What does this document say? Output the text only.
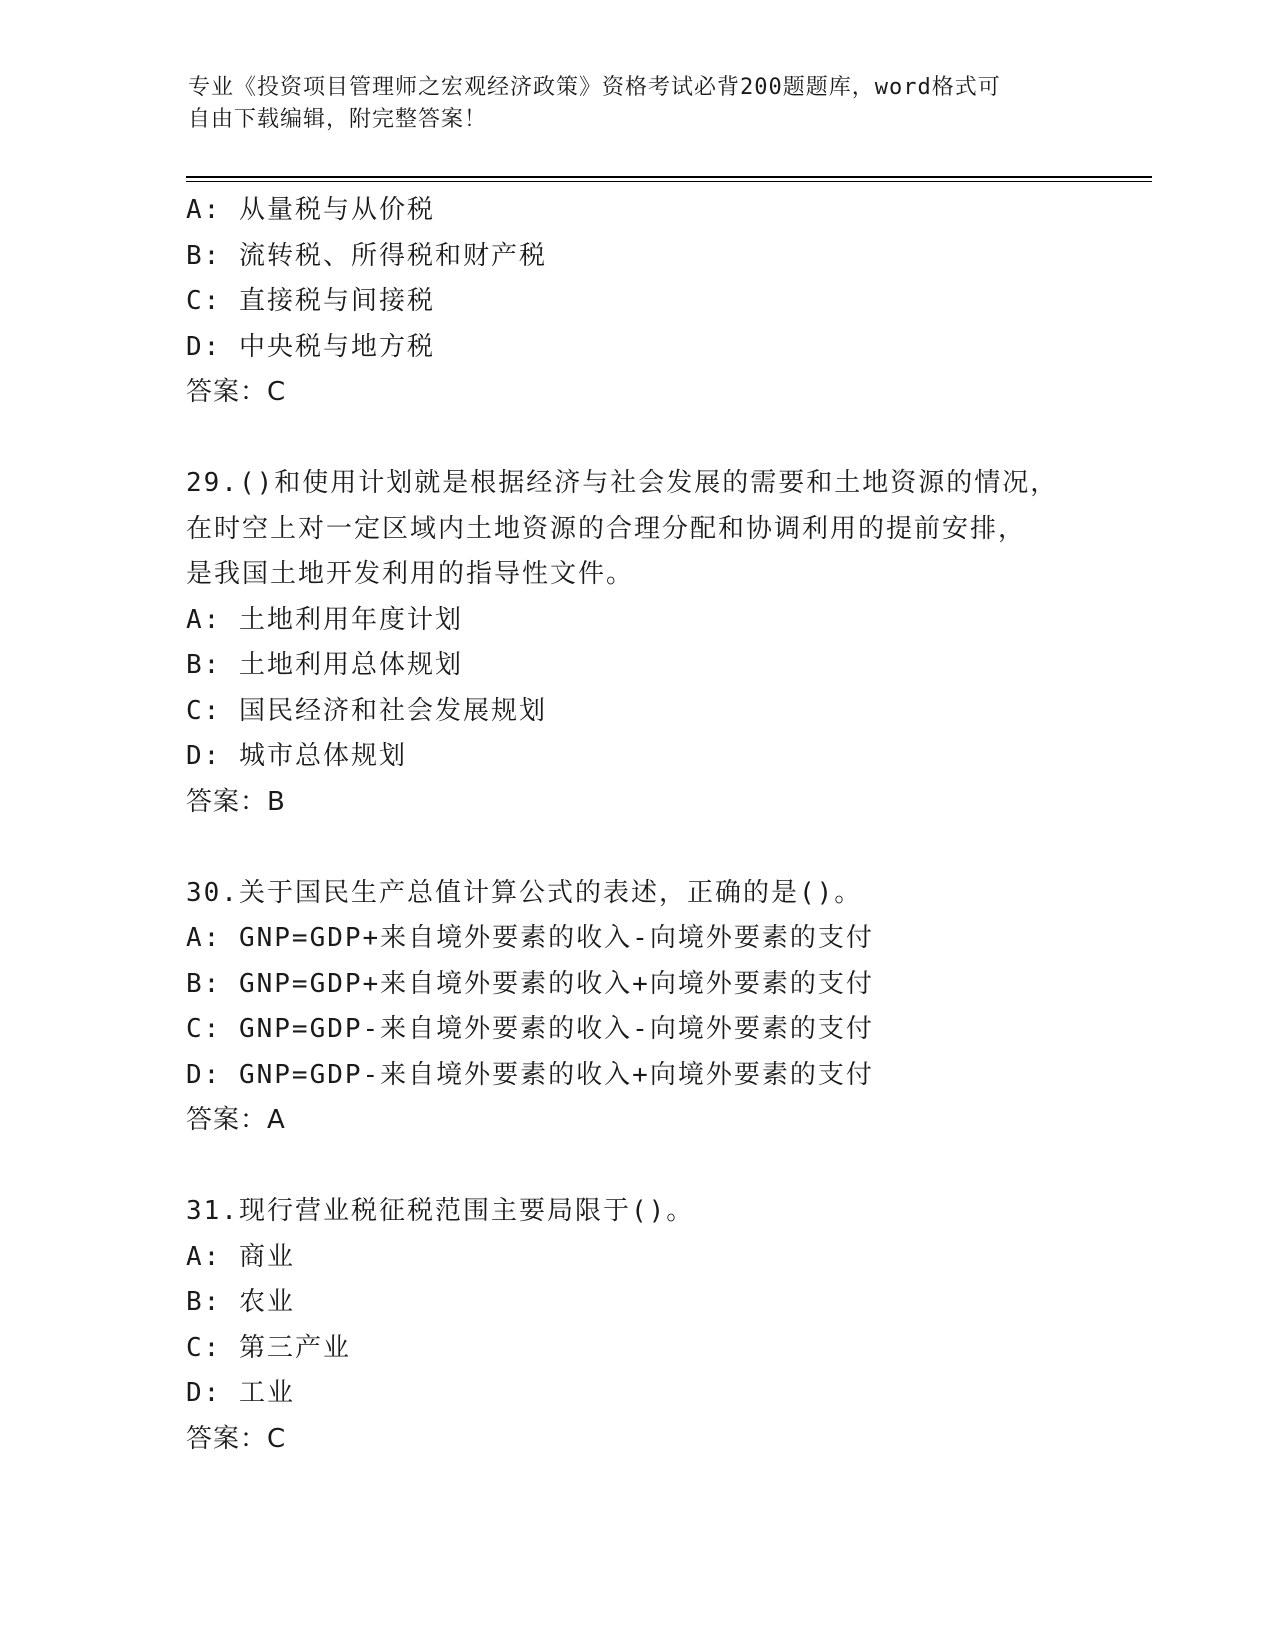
专业《投资项目管理师之宏观经济政策》资格考试必背200题题库，word格式可
自由下载编辑，附完整答案！
A: 从量税与从价税
B: 流转税、所得税和财产税
C: 直接税与间接税
D: 中央税与地方税
答案：C
29.()和使用计划就是根据经济与社会发展的需要和土地资源的情况，
在时空上对一定区域内土地资源的合理分配和协调利用的提前安排，
是我国土地开发利用的指导性文件。
A: 土地利用年度计划
B: 土地利用总体规划
C: 国民经济和社会发展规划
D: 城市总体规划
答案：B
30.关于国民生产总值计算公式的表述，正确的是()。
A: GNP=GDP+来自境外要素的收入-向境外要素的支付
B: GNP=GDP+来自境外要素的收入+向境外要素的支付
C: GNP=GDP-来自境外要素的收入-向境外要素的支付
D: GNP=GDP-来自境外要素的收入+向境外要素的支付
答案：A
31.现行营业税征税范围主要局限于()。
A: 商业
B: 农业
C: 第三产业
D: 工业
答案：C
